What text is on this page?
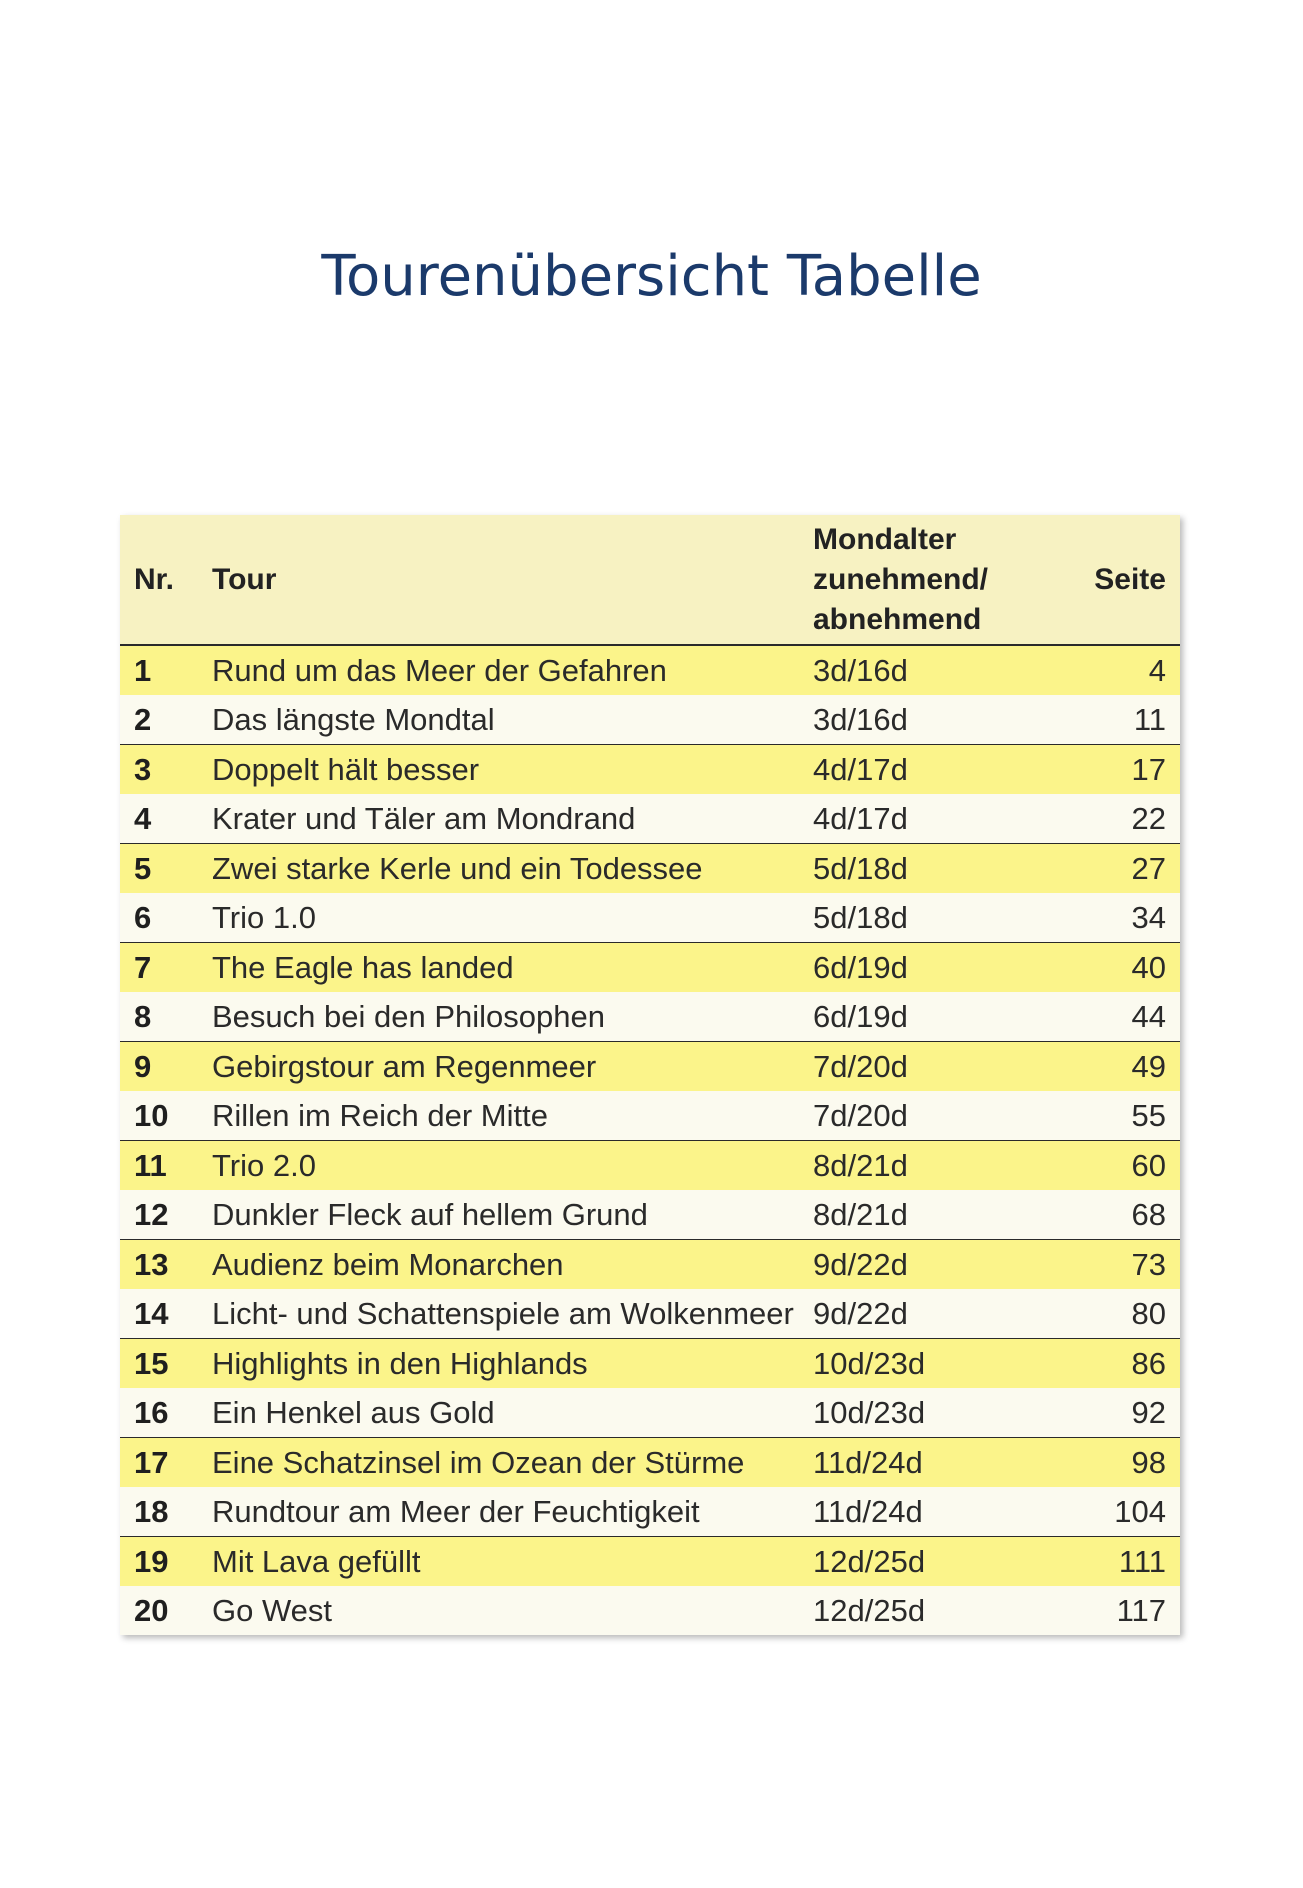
Tourenübersicht Tabelle
Nr.	Tour	Mondalter
zunehmend/
abnehmend	Seite
1	Rund um das Meer der Gefahren	3d/16d	4
2	Das längste Mondtal	3d/16d	11
3	Doppelt hält besser	4d/17d	17
4	Krater und Täler am Mondrand	4d/17d	22
5	Zwei starke Kerle und ein Todessee	5d/18d	27
6	Trio 1.0	5d/18d	34
7	The Eagle has landed	6d/19d	40
8	Besuch bei den Philosophen	6d/19d	44
9	Gebirgstour am Regenmeer	7d/20d	49
10	Rillen im Reich der Mitte	7d/20d	55
11	Trio 2.0	8d/21d	60
12	Dunkler Fleck auf hellem Grund	8d/21d	68
13	Audienz beim Monarchen	9d/22d	73
14	Licht- und Schattenspiele am Wolkenmeer	9d/22d	80
15	Highlights in den Highlands	10d/23d	86
16	Ein Henkel aus Gold	10d/23d	92
17	Eine Schatzinsel im Ozean der Stürme	11d/24d	98
18	Rundtour am Meer der Feuchtigkeit	11d/24d	104
19	Mit Lava gefüllt	12d/25d	111
20	Go West	12d/25d	117
